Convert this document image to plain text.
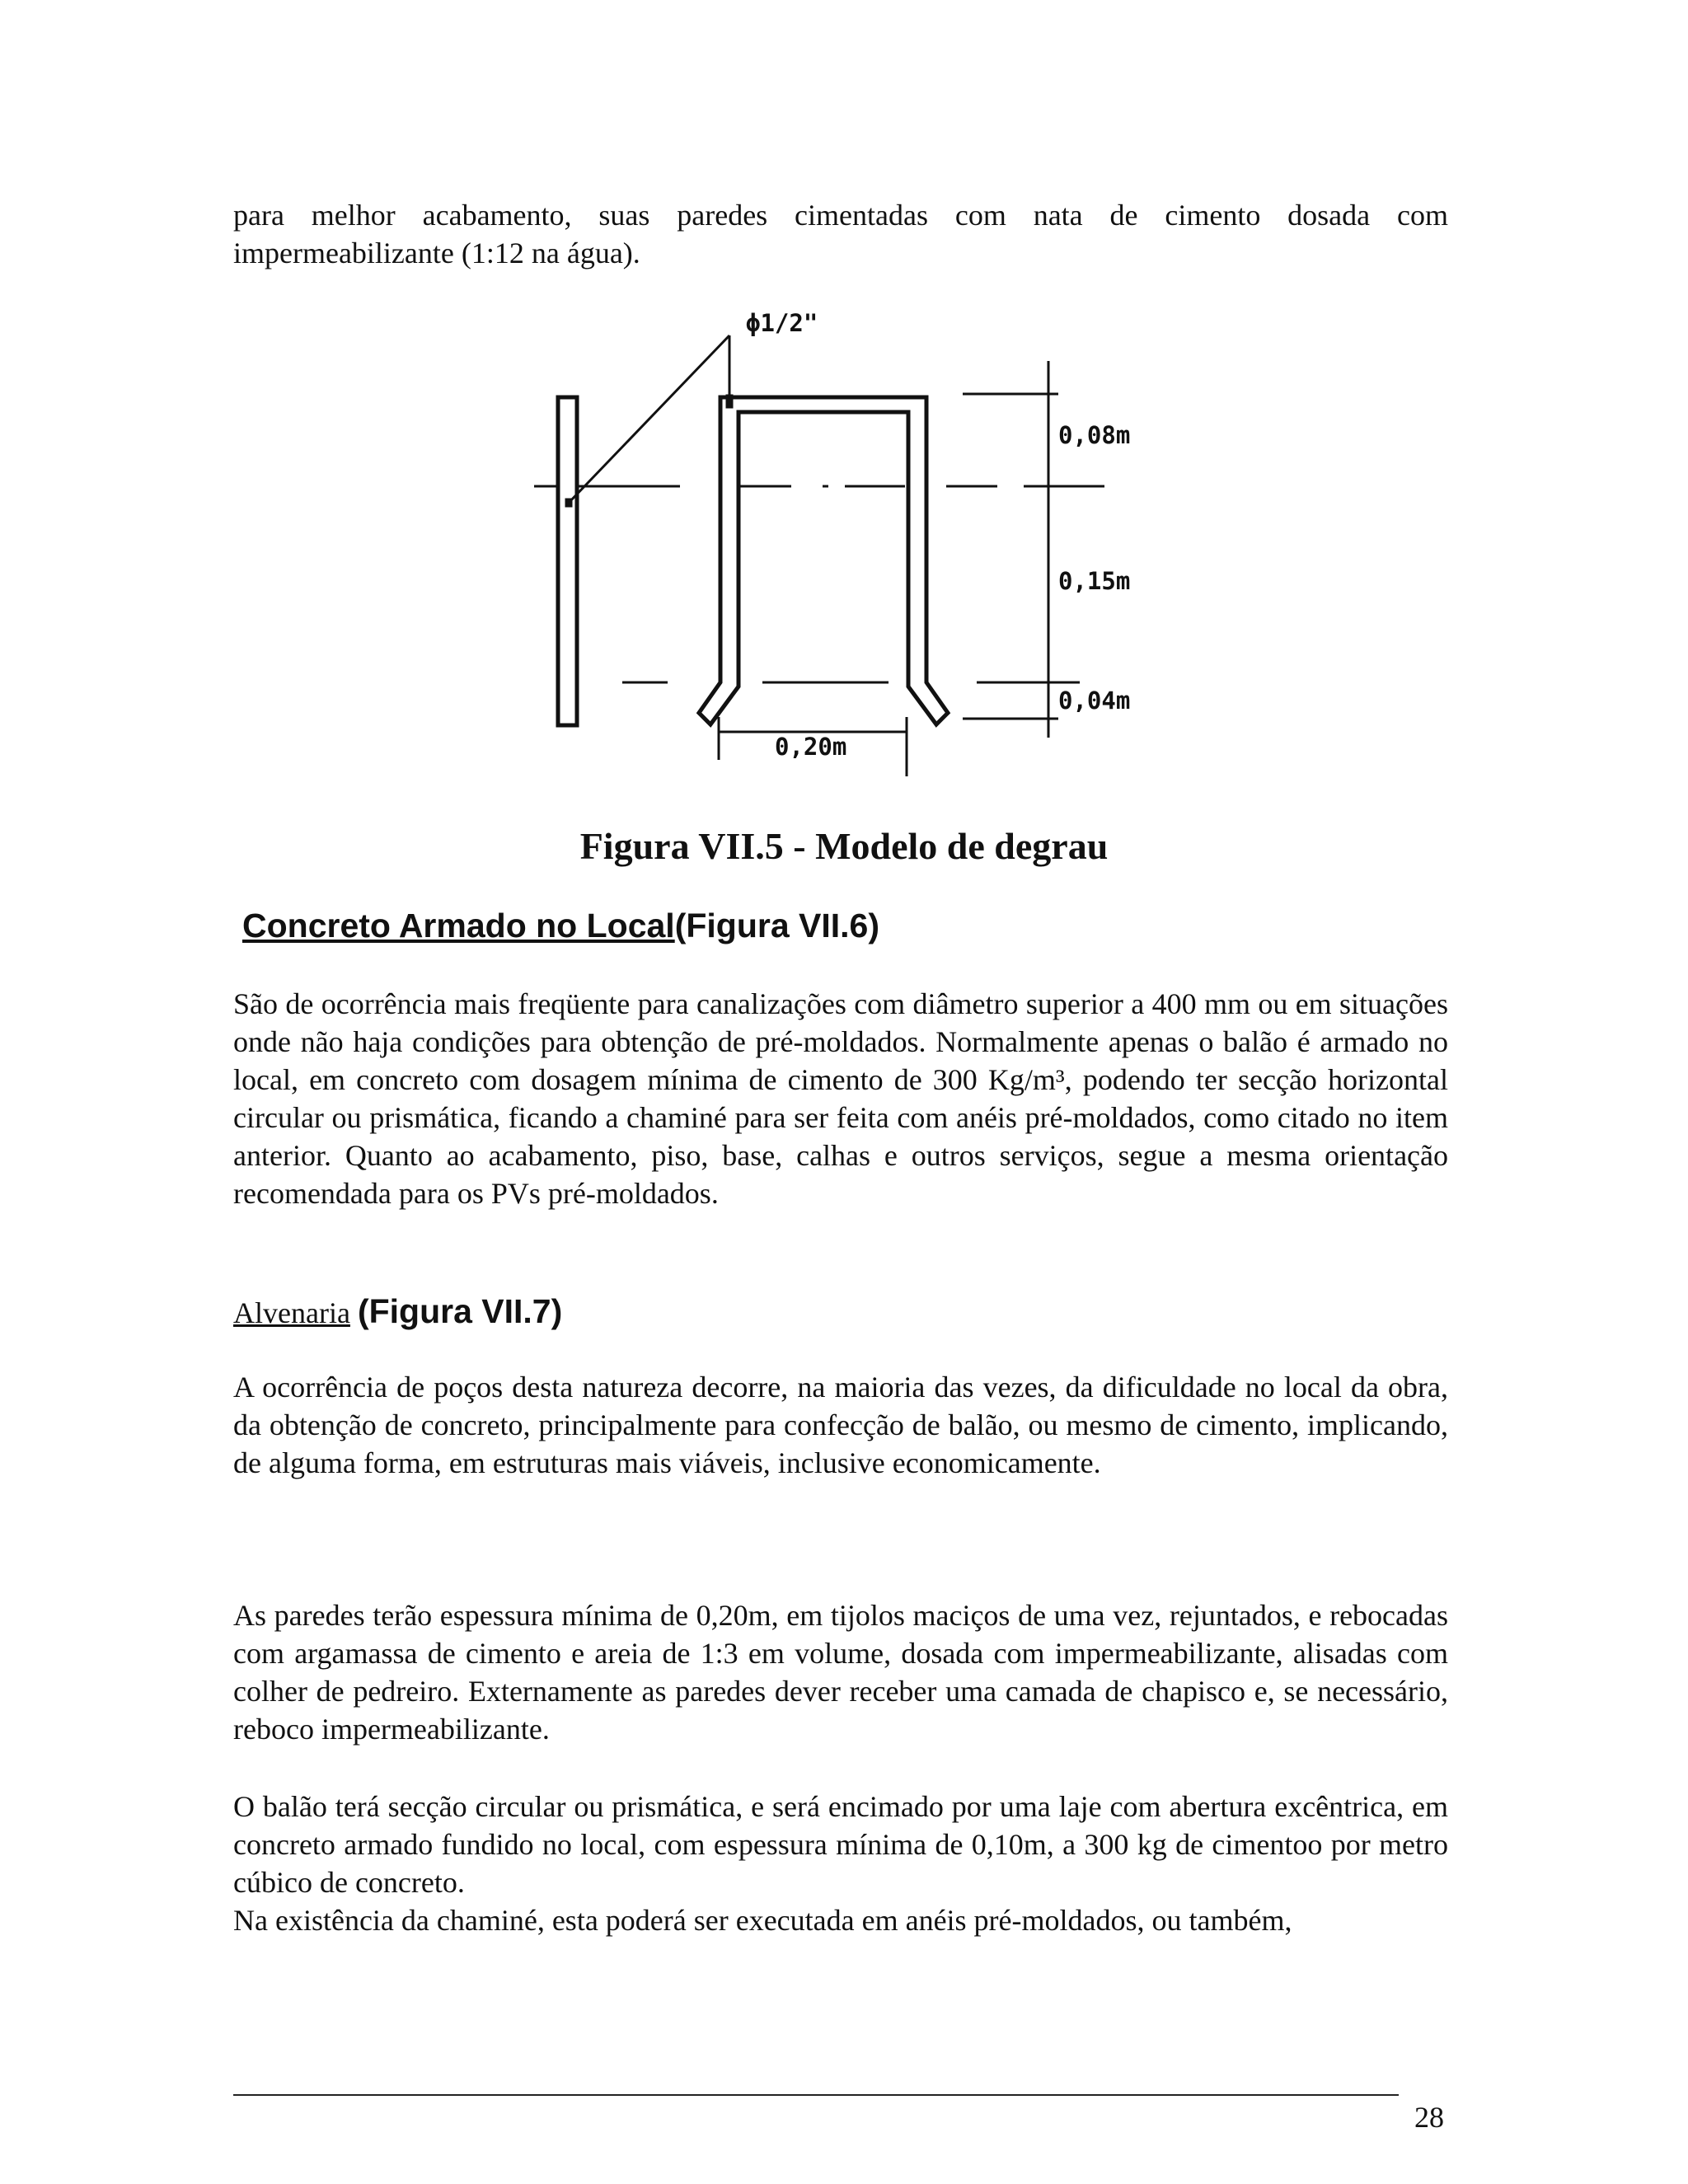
para melhor acabamento, suas paredes cimentadas com nata de cimento dosada com impermeabilizante (1:12 na água).

ϕ1/2"
0,08m
0,15m
0,04m
0,20m
Figura VII.5 - Modelo de degrau
Concreto Armado no Local(Figura VII.6)

São de ocorrência mais freqüente para canalizações com diâmetro superior a 400 mm ou em situações onde não haja condições para obtenção de pré-moldados. Normalmente apenas o balão é armado no local, em concreto com dosagem mínima de cimento de 300 Kg/m³, podendo ter secção horizontal circular ou prismática, ficando a chaminé para ser feita com anéis pré-moldados, como citado no item anterior. Quanto ao acabamento, piso, base, calhas e outros serviços, segue a mesma orientação recomendada para os PVs pré-moldados.

Alvenaria (Figura VII.7)

A ocorrência de poços desta natureza decorre, na maioria das vezes, da dificuldade no local da obra, da obtenção de concreto, principalmente para confecção de balão, ou mesmo de cimento, implicando, de alguma forma, em estruturas mais viáveis, inclusive economicamente.

As paredes terão espessura mínima de 0,20m, em tijolos maciços de uma vez, rejuntados, e rebocadas com argamassa de cimento e areia de 1:3 em volume, dosada com impermeabilizante, alisadas com colher de pedreiro. Externamente as paredes dever receber uma camada de chapisco e, se necessário, reboco impermeabilizante.

O balão terá secção circular ou prismática, e será encimado por uma laje com abertura excêntrica, em concreto armado fundido no local, com espessura mínima de 0,10m, a 300 kg de cimentoo por metro cúbico de concreto.

Na existência da chaminé, esta poderá ser executada em anéis pré-moldados, ou também,

28
